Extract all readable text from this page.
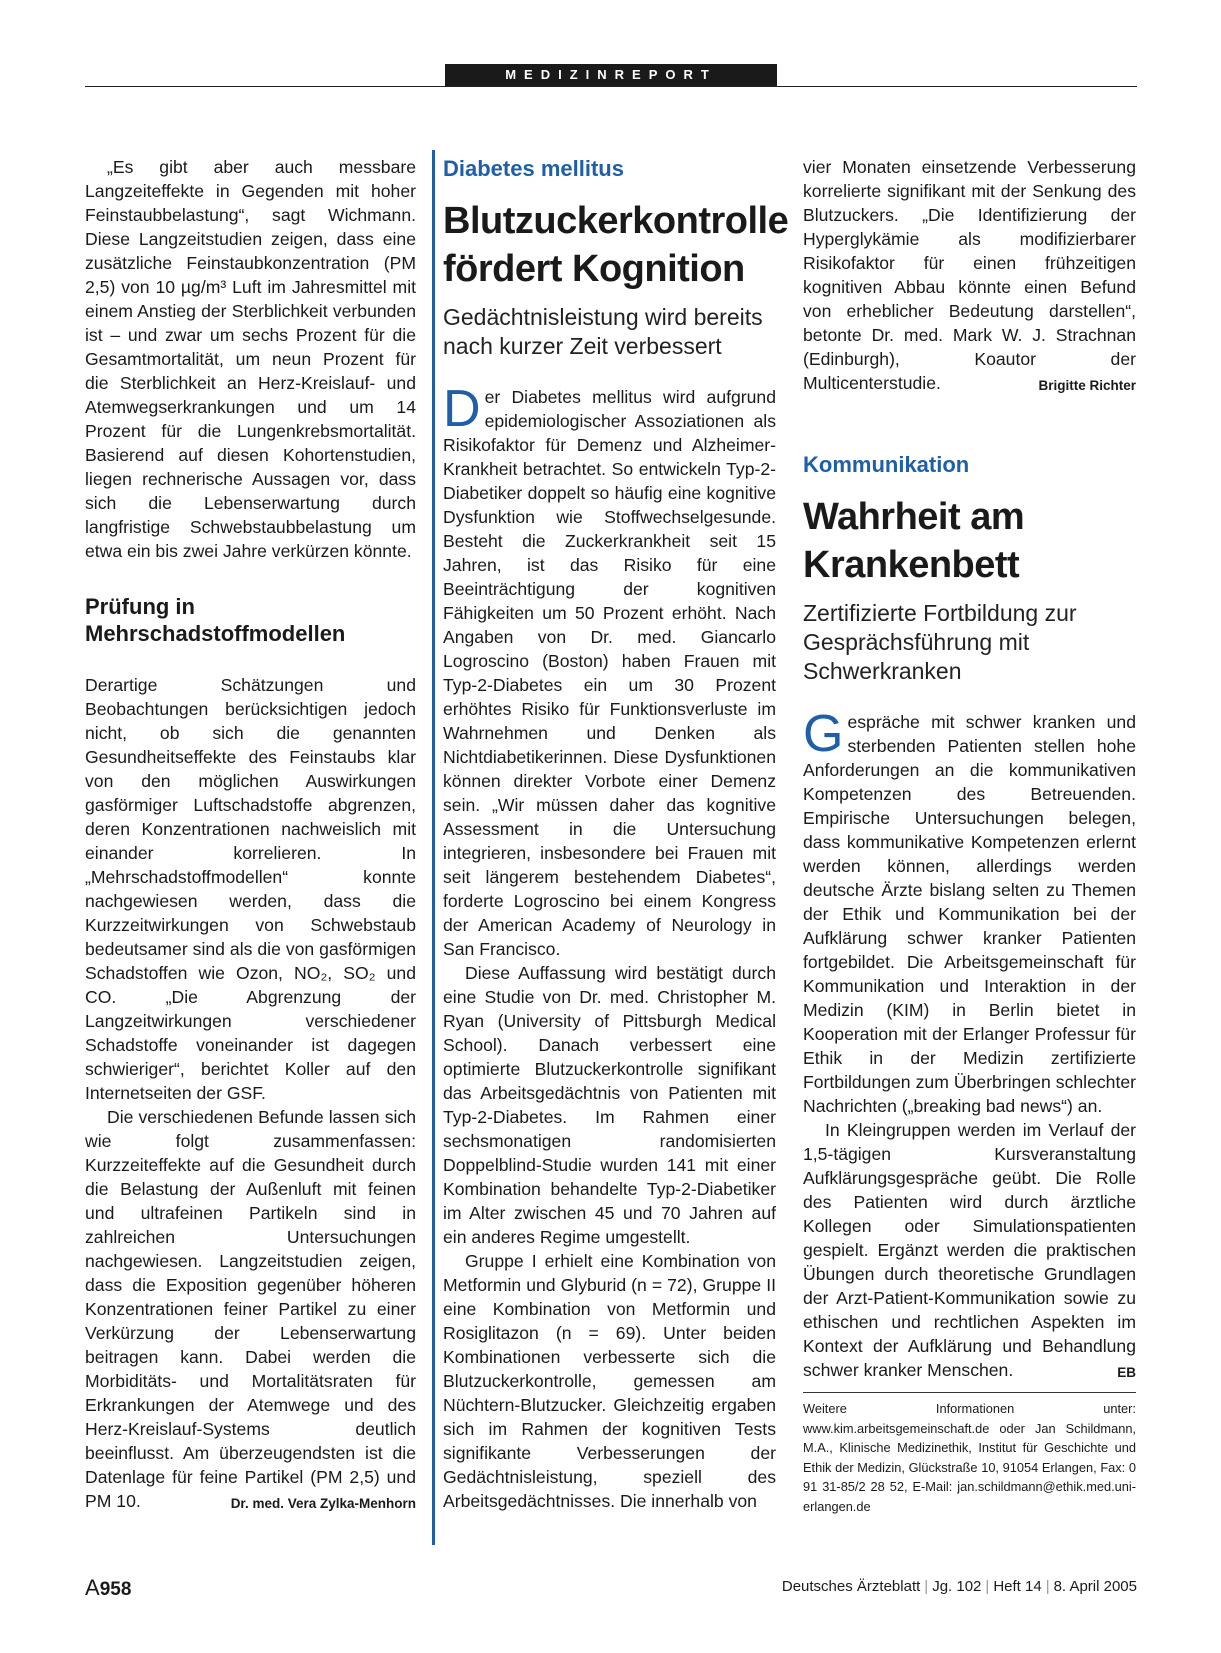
MEDIZINREPORT

„Es gibt aber auch messbare Langzeiteffekte in Gegenden mit hoher Feinstaubbelastung“, sagt Wichmann. Diese Langzeitstudien zeigen, dass eine zusätzliche Feinstaubkonzentration (PM 2,5) von 10 µg/m³ Luft im Jahresmittel mit einem Anstieg der Sterblichkeit verbunden ist – und zwar um sechs Prozent für die Gesamtmortalität, um neun Prozent für die Sterblichkeit an Herz-Kreislauf- und Atemwegserkrankungen und um 14 Prozent für die Lungenkrebsmortalität. Basierend auf diesen Kohortenstudien, liegen rechnerische Aussagen vor, dass sich die Lebenserwartung durch langfristige Schwebstaubbelastung um etwa ein bis zwei Jahre verkürzen könnte.

Prüfung in Mehrschadstoffmodellen

Derartige Schätzungen und Beobachtungen berücksichtigen jedoch nicht, ob sich die genannten Gesundheitseffekte des Feinstaubs klar von den möglichen Auswirkungen gasförmiger Luftschadstoffe abgrenzen, deren Konzentrationen nachweislich mit einander korrelieren. In „Mehrschadstoffmodellen“ konnte nachgewiesen werden, dass die Kurzzeitwirkungen von Schwebstaub bedeutsamer sind als die von gasförmigen Schadstoffen wie Ozon, NO₂, SO₂ und CO. „Die Abgrenzung der Langzeitwirkungen verschiedener Schadstoffe voneinander ist dagegen schwieriger“, berichtet Koller auf den Internetseiten der GSF.

Die verschiedenen Befunde lassen sich wie folgt zusammenfassen: Kurzzeiteffekte auf die Gesundheit durch die Belastung der Außenluft mit feinen und ultrafeinen Partikeln sind in zahlreichen Untersuchungen nachgewiesen. Langzeitstudien zeigen, dass die Exposition gegenüber höheren Konzentrationen feiner Partikel zu einer Verkürzung der Lebenserwartung beitragen kann. Dabei werden die Morbiditäts- und Mortalitätsraten für Erkrankungen der Atemwege und des Herz-Kreislauf-Systems deutlich beeinflusst. Am überzeugendsten ist die Datenlage für feine Partikel (PM 2,5) und PM 10.	Dr. med. Vera Zylka-Menhorn

Diabetes mellitus
Blutzuckerkontrolle fördert Kognition
Gedächtnisleistung wird bereits nach kurzer Zeit verbessert

Der Diabetes mellitus wird aufgrund epidemiologischer Assoziationen als Risikofaktor für Demenz und Alzheimer-Krankheit betrachtet. So entwickeln Typ-2-Diabetiker doppelt so häufig eine kognitive Dysfunktion wie Stoffwechselgesunde. Besteht die Zuckerkrankheit seit 15 Jahren, ist das Risiko für eine Beeinträchtigung der kognitiven Fähigkeiten um 50 Prozent erhöht. Nach Angaben von Dr. med. Giancarlo Logroscino (Boston) haben Frauen mit Typ-2-Diabetes ein um 30 Prozent erhöhtes Risiko für Funktionsverluste im Wahrnehmen und Denken als Nichtdiabetikerinnen. Diese Dysfunktionen können direkter Vorbote einer Demenz sein. „Wir müssen daher das kognitive Assessment in die Untersuchung integrieren, insbesondere bei Frauen mit seit längerem bestehendem Diabetes“, forderte Logroscino bei einem Kongress der American Academy of Neurology in San Francisco.

Diese Auffassung wird bestätigt durch eine Studie von Dr. med. Christopher M. Ryan (University of Pittsburgh Medical School). Danach verbessert eine optimierte Blutzuckerkontrolle signifikant das Arbeitsgedächtnis von Patienten mit Typ-2-Diabetes. Im Rahmen einer sechsmonatigen randomisierten Doppelblind-Studie wurden 141 mit einer Kombination behandelte Typ-2-Diabetiker im Alter zwischen 45 und 70 Jahren auf ein anderes Regime umgestellt.

Gruppe I erhielt eine Kombination von Metformin und Glyburid (n = 72), Gruppe II eine Kombination von Metformin und Rosiglitazon (n = 69). Unter beiden Kombinationen verbesserte sich die Blutzuckerkontrolle, gemessen am Nüchtern-Blutzucker. Gleichzeitig ergaben sich im Rahmen der kognitiven Tests signifikante Verbesserungen der Gedächtnisleistung, speziell des Arbeitsgedächtnisses. Die innerhalb von

vier Monaten einsetzende Verbesserung korrelierte signifikant mit der Senkung des Blutzuckers. „Die Identifizierung der Hyperglykämie als modifizierbarer Risikofaktor für einen frühzeitigen kognitiven Abbau könnte einen Befund von erheblicher Bedeutung darstellen“, betonte Dr. med. Mark W. J. Strachnan (Edinburgh), Koautor der Multicenterstudie.	Brigitte Richter

Kommunikation
Wahrheit am Krankenbett
Zertifizierte Fortbildung zur Gesprächsführung mit Schwerkranken

Gespräche mit schwer kranken und sterbenden Patienten stellen hohe Anforderungen an die kommunikativen Kompetenzen des Betreuenden. Empirische Untersuchungen belegen, dass kommunikative Kompetenzen erlernt werden können, allerdings werden deutsche Ärzte bislang selten zu Themen der Ethik und Kommunikation bei der Aufklärung schwer kranker Patienten fortgebildet. Die Arbeitsgemeinschaft für Kommunikation und Interaktion in der Medizin (KIM) in Berlin bietet in Kooperation mit der Erlanger Professur für Ethik in der Medizin zertifizierte Fortbildungen zum Überbringen schlechter Nachrichten („breaking bad news“) an.

In Kleingruppen werden im Verlauf der 1,5-tägigen Kursveranstaltung Aufklärungsgespräche geübt. Die Rolle des Patienten wird durch ärztliche Kollegen oder Simulationspatienten gespielt. Ergänzt werden die praktischen Übungen durch theoretische Grundlagen der Arzt-Patient-Kommunikation sowie zu ethischen und rechtlichen Aspekten im Kontext der Aufklärung und Behandlung schwer kranker Menschen.	EB

Weitere Informationen unter: www.kim.arbeitsgemeinschaft.de oder Jan Schildmann, M.A., Klinische Medizinethik, Institut für Geschichte und Ethik der Medizin, Glückstraße 10, 91054 Erlangen, Fax: 0 91 31-85/2 28 52, E-Mail: jan.schildmann@ethik.med.uni-erlangen.de
A958	Deutsches Ärzteblatt | Jg. 102 | Heft 14 | 8. April 2005
